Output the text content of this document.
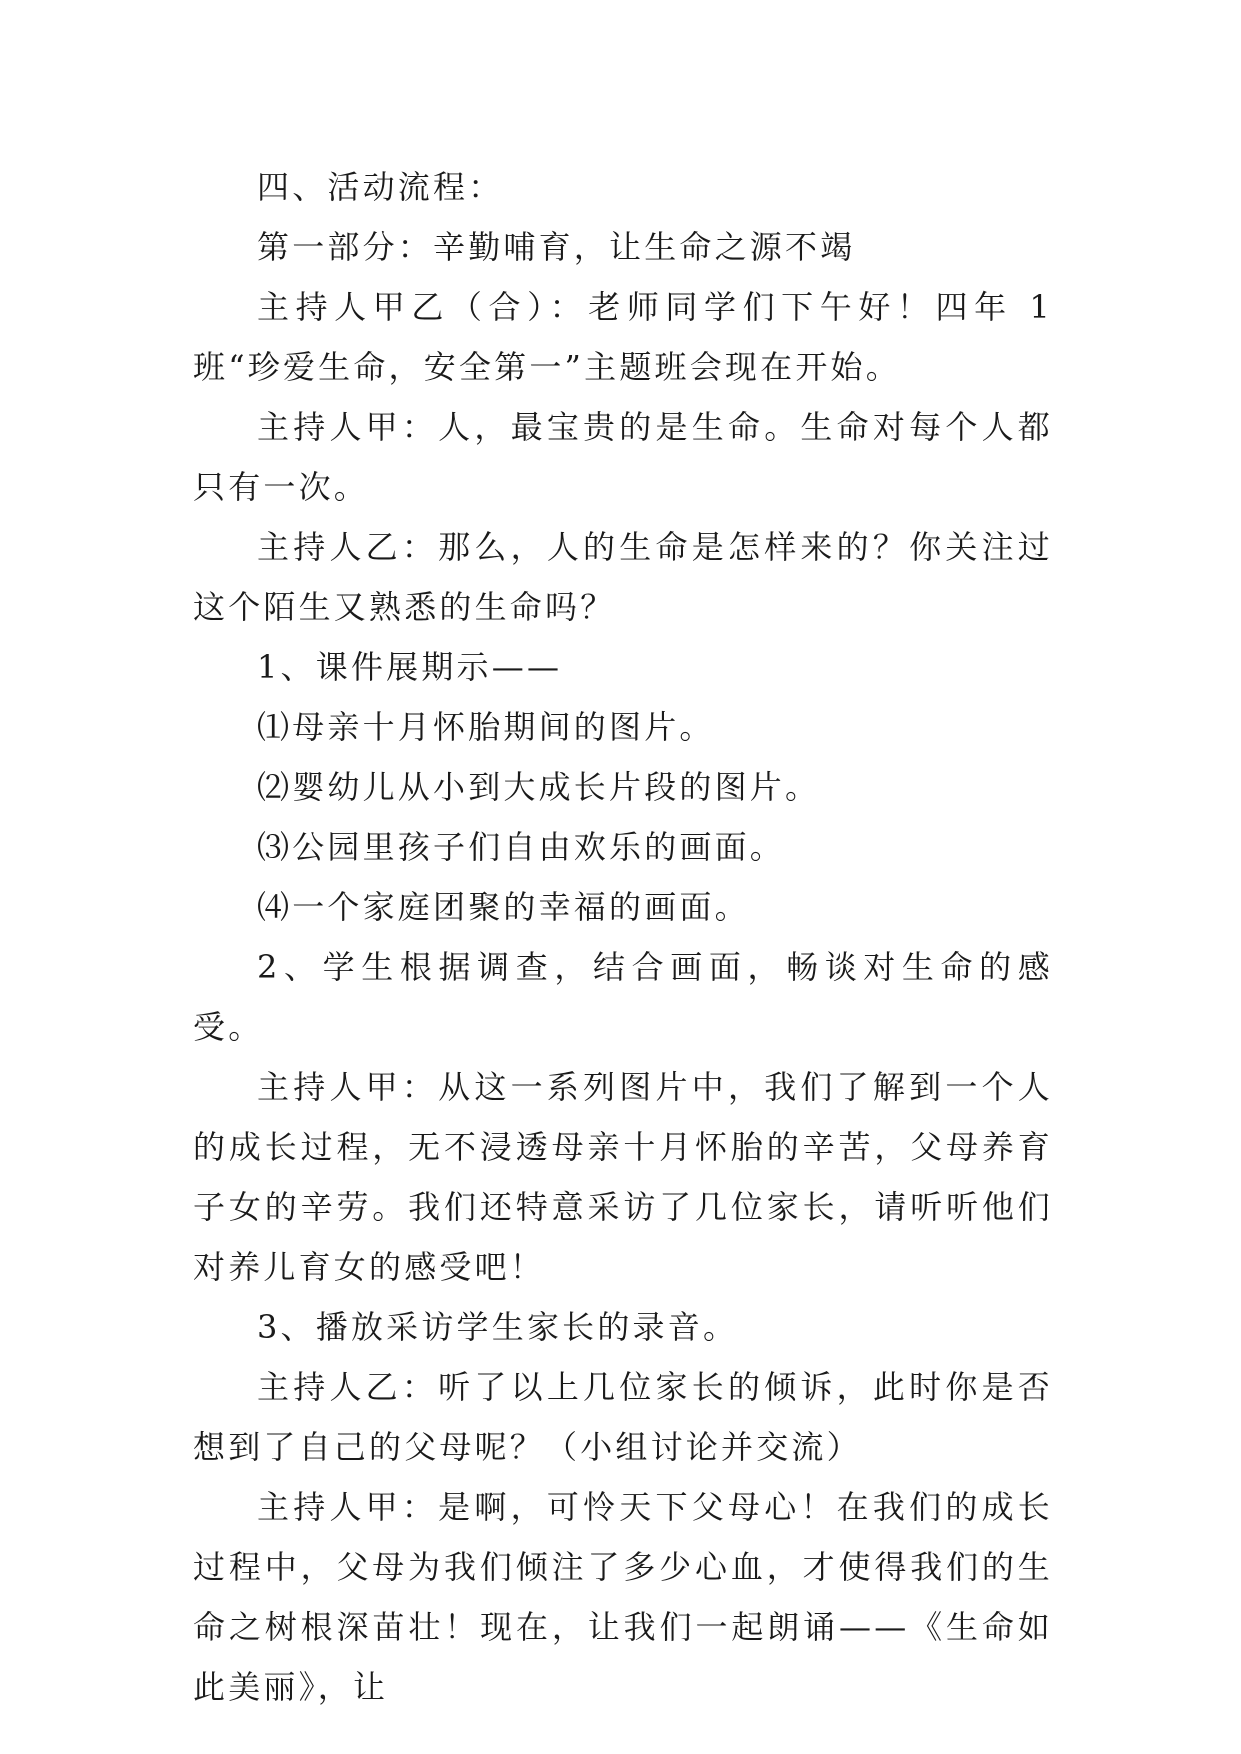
四、活动流程：

第一部分：辛勤哺育，让生命之源不竭

主持人甲乙（合）：老师同学们下午好！四年 1 班“珍爱生命，安全第一”主题班会现在开始。

主持人甲：人，最宝贵的是生命。生命对每个人都只有一次。

主持人乙：那么，人的生命是怎样来的？你关注过这个陌生又熟悉的生命吗？

1、课件展期示——

⑴母亲十月怀胎期间的图片。

⑵婴幼儿从小到大成长片段的图片。

⑶公园里孩子们自由欢乐的画面。

⑷一个家庭团聚的幸福的画面。

2、学生根据调查，结合画面，畅谈对生命的感受。

主持人甲：从这一系列图片中，我们了解到一个人的成长过程，无不浸透母亲十月怀胎的辛苦，父母养育子女的辛劳。我们还特意采访了几位家长，请听听他们对养儿育女的感受吧！

3、播放采访学生家长的录音。

主持人乙：听了以上几位家长的倾诉，此时你是否想到了自己的父母呢？（小组讨论并交流）

主持人甲：是啊，可怜天下父母心！在我们的成长过程中，父母为我们倾注了多少心血，才使得我们的生命之树根深苗壮！现在，让我们一起朗诵——《生命如此美丽》，让
